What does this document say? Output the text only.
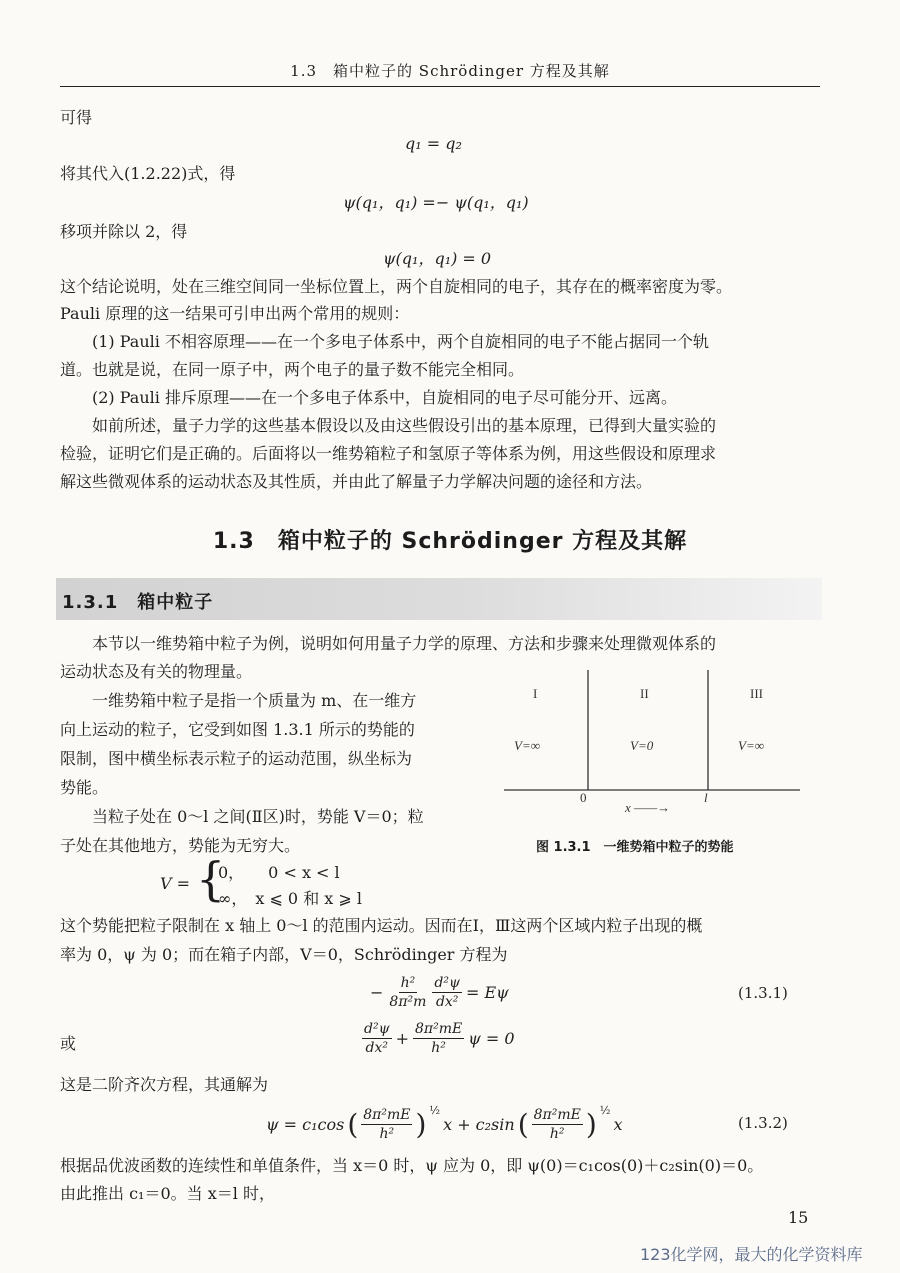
1.3　箱中粒子的 Schrödinger 方程及其解
可得
q₁ = q₂
将其代入(1.2.22)式，得
ψ(q₁，q₁) =− ψ(q₁，q₁)
移项并除以 2，得
ψ(q₁，q₁) = 0
这个结论说明，处在三维空间同一坐标位置上，两个自旋相同的电子，其存在的概率密度为零。
Pauli 原理的这一结果可引申出两个常用的规则：
(1) Pauli 不相容原理——在一个多电子体系中，两个自旋相同的电子不能占据同一个轨
道。也就是说，在同一原子中，两个电子的量子数不能完全相同。
(2) Pauli 排斥原理——在一个多电子体系中，自旋相同的电子尽可能分开、远离。
如前所述，量子力学的这些基本假设以及由这些假设引出的基本原理，已得到大量实验的
检验，证明它们是正确的。后面将以一维势箱粒子和氢原子等体系为例，用这些假设和原理求
解这些微观体系的运动状态及其性质，并由此了解量子力学解决问题的途径和方法。
1.3　箱中粒子的 Schrödinger 方程及其解
1.3.1　箱中粒子
本节以一维势箱中粒子为例，说明如何用量子力学的原理、方法和步骤来处理微观体系的
运动状态及有关的物理量。
一维势箱中粒子是指一个质量为 m、在一维方
向上运动的粒子，它受到如图 1.3.1 所示的势能的
限制，图中横坐标表示粒子的运动范围，纵坐标为
势能。
当粒子处在 0～l 之间(Ⅱ区)时，势能 V＝0；粒
子处在其他地方，势能为无穷大。
I	II	III
V=∞	V=0	V=∞
0	l
x ——→
图 1.3.1　一维势箱中粒子的势能
V = {
0，　　0 < x < l
∞，　x ⩽ 0 和 x ⩾ l
这个势能把粒子限制在 x 轴上 0～l 的范围内运动。因而在Ⅰ，Ⅲ这两个区域内粒子出现的概
率为 0，ψ 为 0；而在箱子内部，V＝0，Schrödinger 方程为
− $\frac{\text{h²}}{\text{8π²m}} \frac{\text{d²ψ}}{\text{dx²}} = E\psi$	(1.3.1)
或	$\frac{\text{d²ψ}}{\text{dx²}} + \frac{\text{8π²mE}}{\text{h²}}$ ψ = 0
这是二阶齐次方程，其通解为
ψ = c₁cos ( $\frac{\text{8π²mE}}{\text{h²}}$ ) ½
x + c₂sin ( $\frac{\text{8π²mE}}{\text{h²}}$ ) ½
x	(1.3.2)
根据品优波函数的连续性和单值条件，当 x＝0 时，ψ 应为 0，即 ψ(0)＝c₁cos(0)＋c₂sin(0)＝0。
由此推出 c₁＝0。当 x＝l 时，
15
123化学网，最大的化学资料库
